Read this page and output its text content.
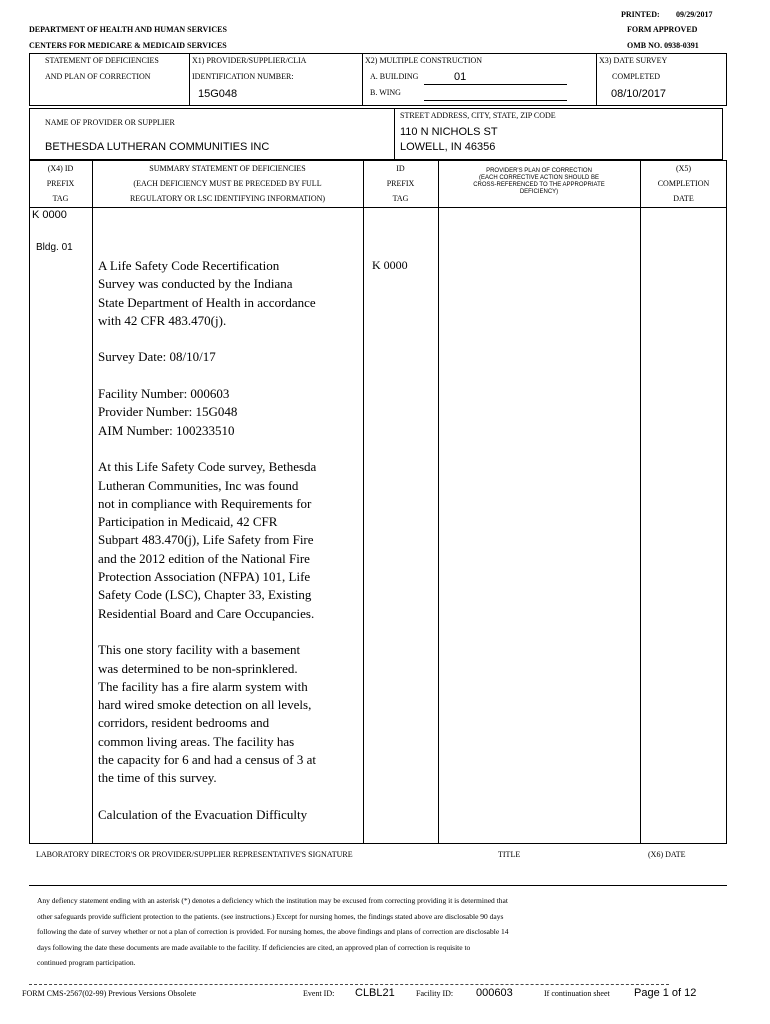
PRINTED: 09/29/2017
DEPARTMENT OF HEALTH AND HUMAN SERVICES	FORM APPROVED
CENTERS FOR MEDICARE & MEDICAID SERVICES	OMB NO. 0938-0391
STATEMENT OF DEFICIENCIES
AND PLAN OF CORRECTION
X1) PROVIDER/SUPPLIER/CLIA
IDENTIFICATION NUMBER:
15G048
X2) MULTIPLE CONSTRUCTION
A. BUILDING	01
B. WING
X3) DATE SURVEY
COMPLETED
08/10/2017
NAME OF PROVIDER OR SUPPLIER
BETHESDA LUTHERAN COMMUNITIES INC
STREET ADDRESS, CITY, STATE, ZIP CODE
110 N NICHOLS ST
LOWELL, IN 46356
(X4) ID
PREFIX
TAG
SUMMARY STATEMENT OF DEFICIENCIES
(EACH DEFICIENCY MUST BE PRECEDED BY FULL
REGULATORY OR LSC IDENTIFYING INFORMATION)
ID
PREFIX
TAG
PROVIDER'S PLAN OF CORRECTION
(EACH CORRECTIVE ACTION SHOULD BE
CROSS-REFERENCED TO THE APPROPRIATE
DEFICIENCY)
(X5)
COMPLETION
DATE
K 0000
Bldg. 01
K 0000
A Life Safety Code Recertification
Survey was conducted by the Indiana
State Department of Health in accordance
with 42 CFR 483.470(j).

Survey Date: 08/10/17

Facility Number: 000603
Provider Number: 15G048
AIM Number: 100233510

At this Life Safety Code survey, Bethesda
Lutheran Communities, Inc was found
not in compliance with Requirements for
Participation in Medicaid, 42 CFR
Subpart 483.470(j), Life Safety from Fire
and the 2012 edition of the National Fire
Protection Association (NFPA) 101, Life
Safety Code (LSC), Chapter 33, Existing
Residential Board and Care Occupancies.

This one story facility with a basement
was determined to be non-sprinklered.
The facility has a fire alarm system with
hard wired smoke detection on all levels,
corridors, resident bedrooms and
common living areas. The facility has
the capacity for 6 and had a census of 3 at
the time of this survey.

Calculation of the Evacuation Difficulty
LABORATORY DIRECTOR'S OR PROVIDER/SUPPLIER REPRESENTATIVE'S SIGNATURE	TITLE	(X6) DATE
Any defiency statement ending with an asterisk (*) denotes a deficiency which the institution may be excused from correcting providing it is determined that
other safeguards provide sufficient protection to the patients. (see instructions.) Except for nursing homes, the findings stated above are disclosable 90 days
following the date of survey whether or not a plan of correction is provided. For nursing homes, the above findings and plans of correction are disclosable 14
days following the date these documents are made available to the facility. If deficiencies are cited, an approved plan of correction is requisite to
continued program participation.
FORM CMS-2567(02-99) Previous Versions Obsolete	Event ID: CLBL21	Facility ID: 000603	If continuation sheet Page 1 of 12
